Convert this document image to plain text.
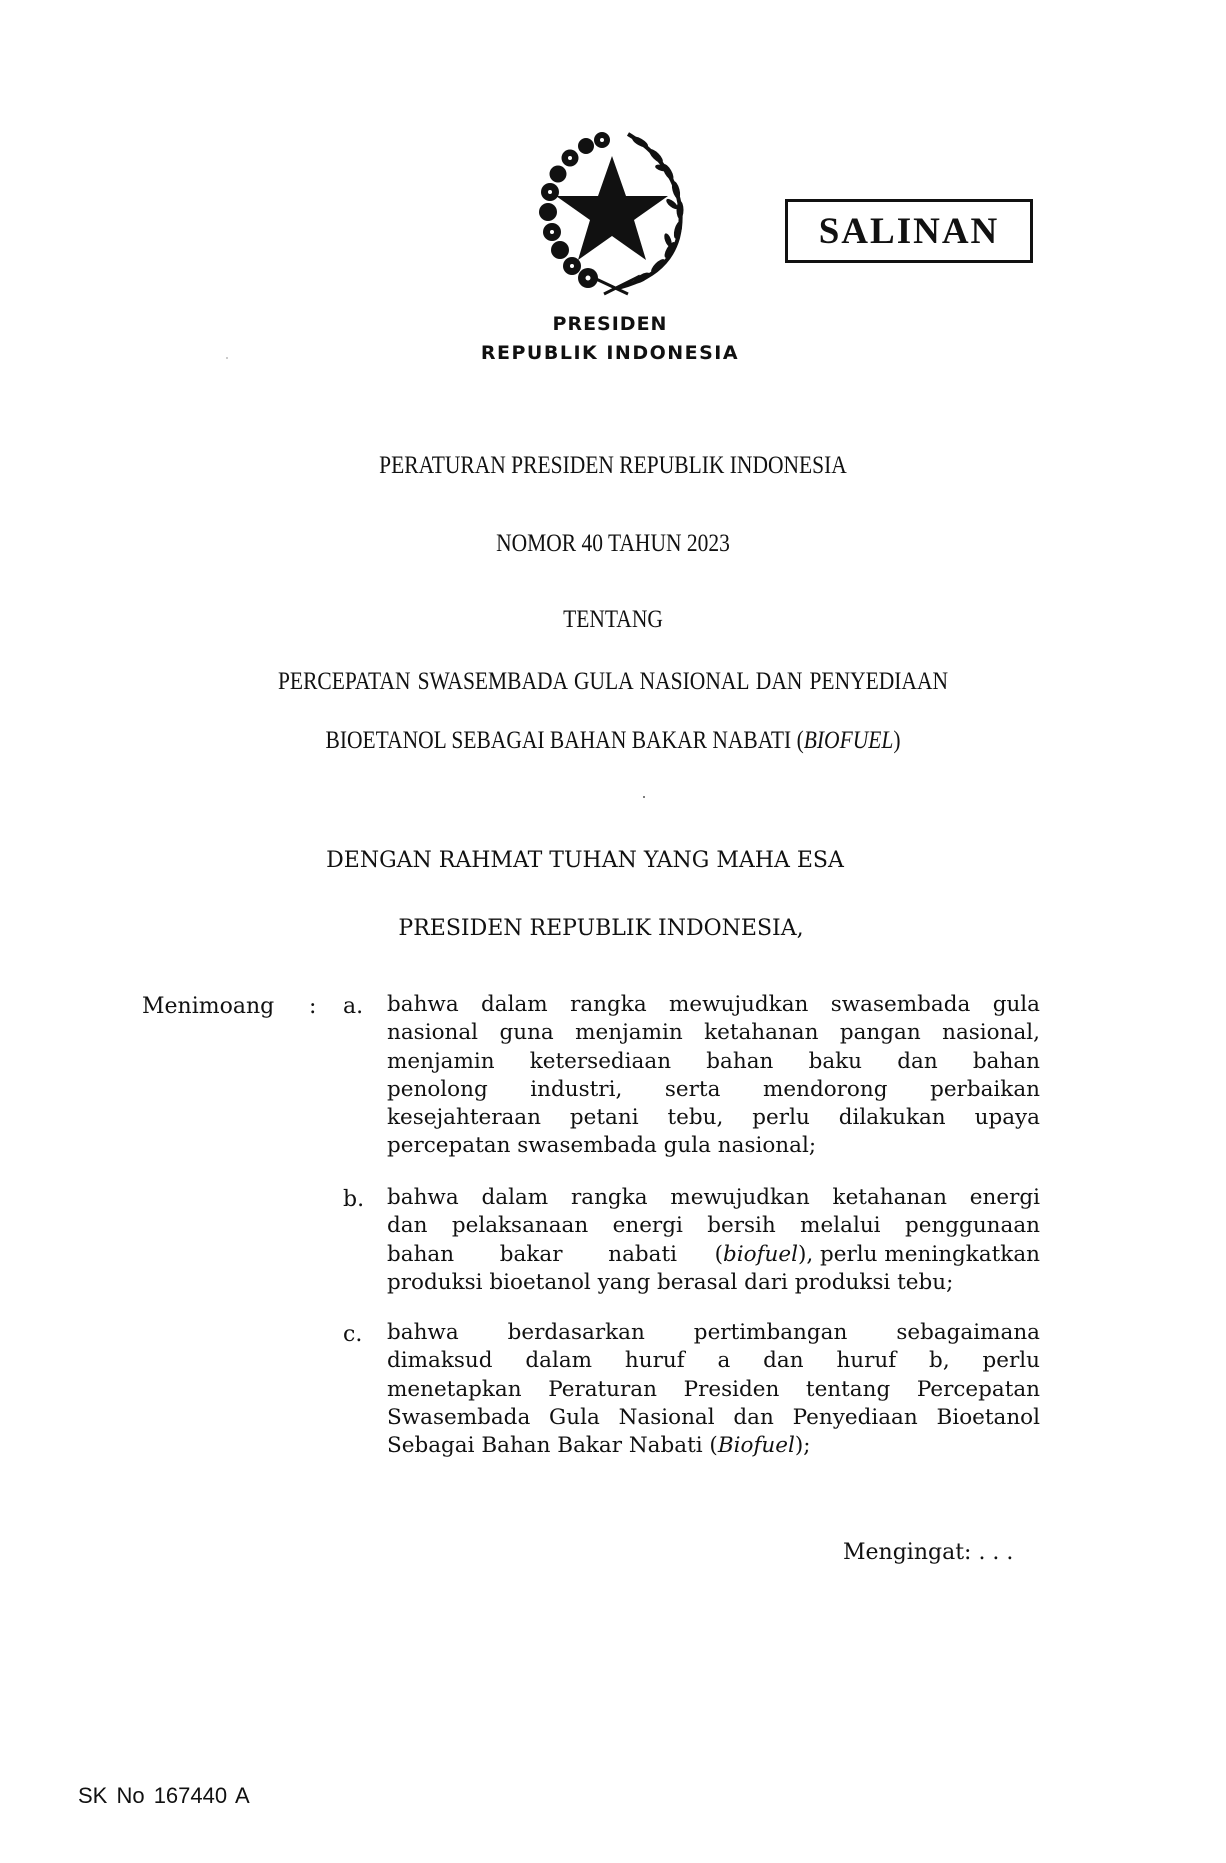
PRESIDEN
REPUBLIK INDONESIA
SALINAN
PERATURAN PRESIDEN REPUBLIK INDONESIA
NOMOR 40 TAHUN 2023
TENTANG
PERCEPATAN SWASEMBADA GULA NASIONAL DAN PENYEDIAAN
BIOETANOL SEBAGAI BAHAN BAKAR NABATI (BIOFUEL)
DENGAN RAHMAT TUHAN YANG MAHA ESA
PRESIDEN REPUBLIK INDONESIA,
Menimoang : a. bahwa dalam rangka mewujudkan swasembada gula
nasional guna menjamin ketahanan pangan nasional,
menjamin ketersediaan bahan baku dan bahan
penolong industri, serta mendorong perbaikan
kesejahteraan petani tebu, perlu dilakukan upaya
percepatan swasembada gula nasional;
b. bahwa dalam rangka mewujudkan ketahanan energi
dan pelaksanaan energi bersih melalui penggunaan
bahan bakar nabati (biofuel), perlu meningkatkan
produksi bioetanol yang berasal dari produksi tebu;
c. bahwa berdasarkan pertimbangan sebagaimana
dimaksud dalam huruf a dan huruf b, perlu
menetapkan Peraturan Presiden tentang Percepatan
Swasembada Gula Nasional dan Penyediaan Bioetanol
Sebagai Bahan Bakar Nabati (Biofuel);
Mengingat: . . .
SK No 167440 A
